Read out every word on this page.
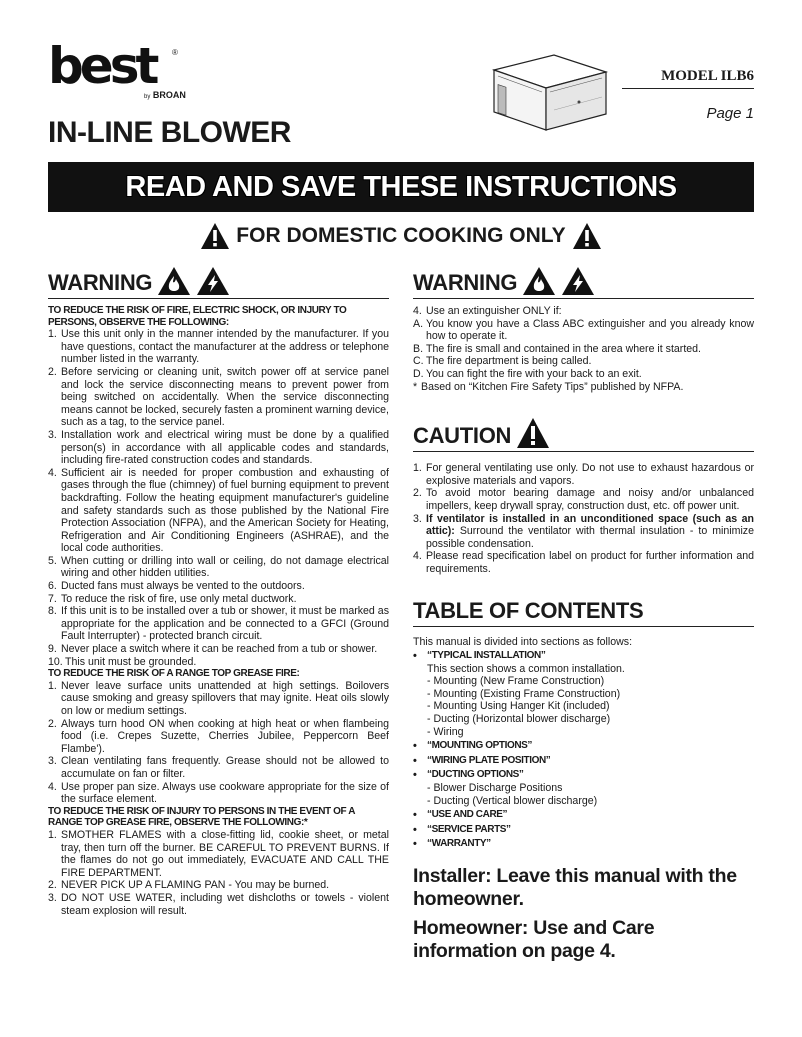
best	®
by BROAN
MODEL ILB6
Page 1
IN-LINE BLOWER
READ AND SAVE THESE INSTRUCTIONS
FOR DOMESTIC COOKING ONLY
WARNING
TO REDUCE THE RISK OF FIRE, ELECTRIC SHOCK, OR INJURY TO PERSONS, OBSERVE THE FOLLOWING:
1. Use this unit only in the manner intended by the manufacturer. If you have questions, contact the manufacturer at the address or telephone number listed in the warranty.
2. Before servicing or cleaning unit, switch power off at service panel and lock the service disconnecting means to prevent power from being switched on accidentally. When the service disconnecting means cannot be locked, securely fasten a prominent warning device, such as a tag, to the service panel.
3. Installation work and electrical wiring must be done by a qualified person(s) in accordance with all applicable codes and standards, including fire-rated construction codes and standards.
4. Sufficient air is needed for proper combustion and exhausting of gases through the flue (chimney) of fuel burning equipment to prevent backdrafting. Follow the heating equipment manufacturer's guideline and safety standards such as those published by the National Fire Protection Association (NFPA), and the American Society for Heating, Refrigeration and Air Conditioning Engineers (ASHRAE), and the local code authorities.
5. When cutting or drilling into wall or ceiling, do not damage electrical wiring and other hidden utilities.
6. Ducted fans must always be vented to the outdoors.
7. To reduce the risk of fire, use only metal ductwork.
8. If this unit is to be installed over a tub or shower, it must be marked as appropriate for the application and be connected to a GFCI (Ground Fault Interrupter) - protected branch circuit.
9. Never place a switch where it can be reached from a tub or shower.
10. This unit must be grounded.
TO REDUCE THE RISK OF A RANGE TOP GREASE FIRE:
1. Never leave surface units unattended at high settings. Boilovers cause smoking and greasy spillovers that may ignite. Heat oils slowly on low or medium settings.
2. Always turn hood ON when cooking at high heat or when flambeing food (i.e. Crepes Suzette, Cherries Jubilee, Peppercorn Beef Flambe').
3. Clean ventilating fans frequently. Grease should not be allowed to accumulate on fan or filter.
4. Use proper pan size. Always use cookware appropriate for the size of the surface element.
TO REDUCE THE RISK OF INJURY TO PERSONS IN THE EVENT OF A RANGE TOP GREASE FIRE, OBSERVE THE FOLLOWING:*
1. SMOTHER FLAMES with a close-fitting lid, cookie sheet, or metal tray, then turn off the burner. BE CAREFUL TO PREVENT BURNS. If the flames do not go out immediately, EVACUATE AND CALL THE FIRE DEPARTMENT.
2. NEVER PICK UP A FLAMING PAN - You may be burned.
3. DO NOT USE WATER, including wet dishcloths or towels - violent steam explosion will result.
WARNING
4. Use an extinguisher ONLY if:
A. You know you have a Class ABC extinguisher and you already know how to operate it.
B. The fire is small and contained in the area where it started.
C. The fire department is being called.
D. You can fight the fire with your back to an exit.
* Based on “Kitchen Fire Safety Tips” published by NFPA.
CAUTION
1. For general ventilating use only. Do not use to exhaust hazardous or explosive materials and vapors.
2. To avoid motor bearing damage and noisy and/or unbalanced impellers, keep drywall spray, construction dust, etc. off power unit.
3. If ventilator is installed in an unconditioned space (such as an attic): Surround the ventilator with thermal insulation - to minimize possible condensation.
4. Please read specification label on product for further information and requirements.
TABLE OF CONTENTS
This manual is divided into sections as follows:
•	“TYPICAL INSTALLATION”
This section shows a common installation.
- Mounting (New Frame Construction)
- Mounting (Existing Frame Construction)
- Mounting Using Hanger Kit (included)
- Ducting (Horizontal blower discharge)
- Wiring
•	“MOUNTING OPTIONS”
•	“WIRING PLATE POSITION”
•	“DUCTING OPTIONS”
- Blower Discharge Positions
- Ducting (Vertical blower discharge)
•	“USE AND CARE”
•	“SERVICE PARTS”
•	“WARRANTY”
Installer: Leave this manual with the homeowner.
Homeowner: Use and Care information on page 4.
